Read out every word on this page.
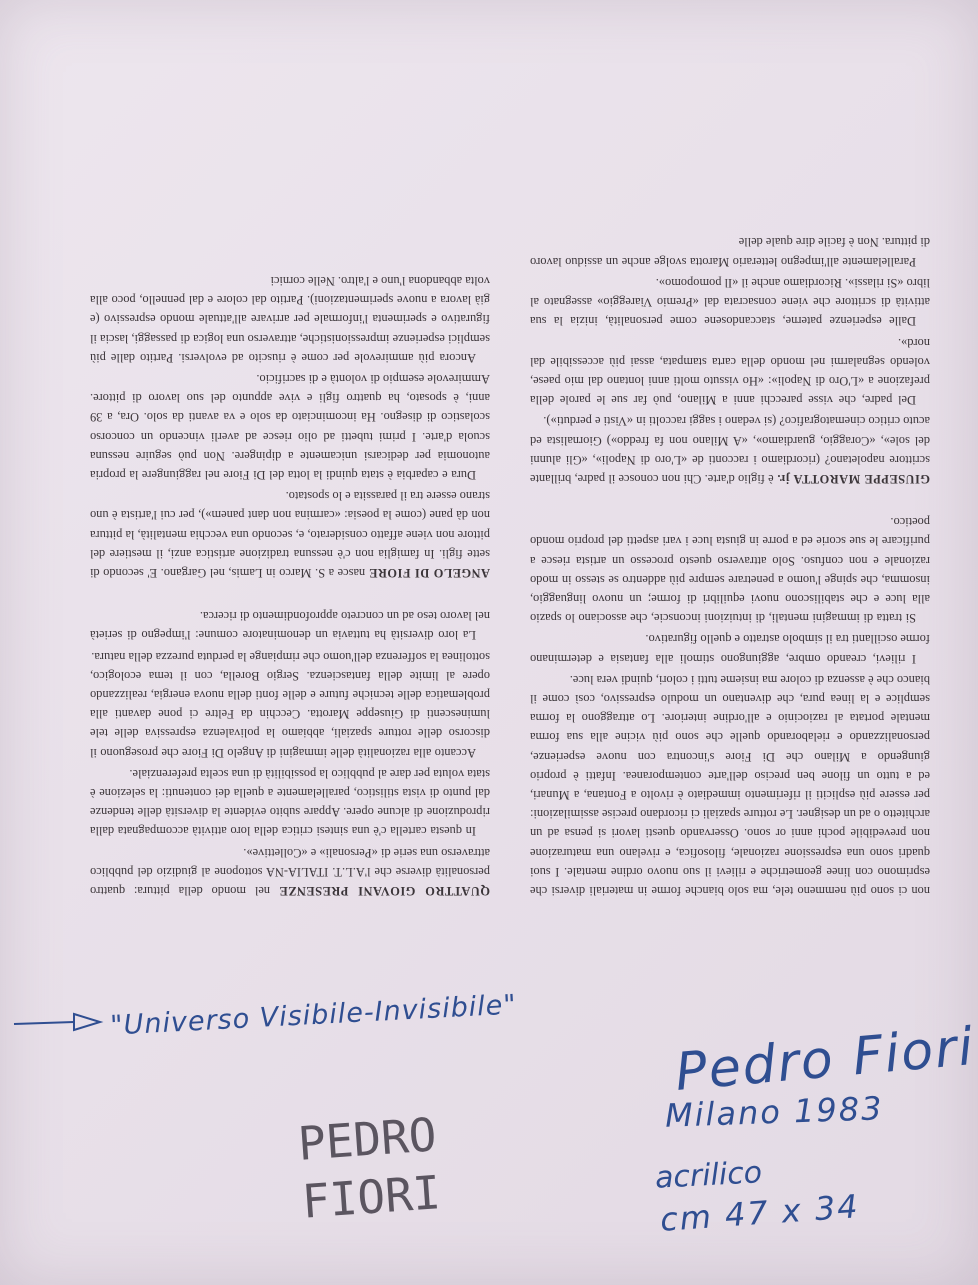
QUATTRO GIOVANI PRESENZE nel mondo della pittura: quattro personalità diverse che l'A.L.T. ITALIA-NA sottopone al giudizio del pubblico attraverso una serie di «Personali» e «Collettive».

In questa cartella c'è una sintesi critica della loro attività accompagnata dalla riproduzione di alcune opere. Appare subito evidente la diversità delle tendenze dal punto di vista stilistico, parallelamente a quella dei contenuti: la selezione è stata voluta per dare al pubblico la possibilità di una scelta preferenziale.

Accanto alla razionalità delle immagini di Angelo Di Fiore che proseguono il discorso delle rotture spaziali, abbiamo la polivalenza espressiva delle tele luminescenti di Giuseppe Marotta. Cecchin da Feltre ci pone davanti alla problematica delle tecniche future e delle fonti della nuova energia, realizzando opere al limite della fantascienza. Sergio Borella, con il tema ecologico, sottolinea la sofferenza dell'uomo che rimpiange la perduta purezza della natura.

La loro diversità ha tuttavia un denominatore comune: l'impegno di serietà nel lavoro teso ad un concreto approfondimento di ricerca.

ANGELO DI FIORE nasce a S. Marco in Lamis, nel Gargano. E' secondo di sette figli. In famiglia non c'è nessuna tradizione artistica anzi, il mestiere del pittore non viene affatto considerato, e, secondo una vecchia mentalità, la pittura non dà pane (come la poesia: «carmina non dant panem»), per cui l'artista è uno strano essere tra il parassita e lo spostato.

Dura e caparbia è stata quindi la lotta del Di Fiore nel raggiungere la propria autonomia per dedicarsi unicamente a dipingere. Non può seguire nessuna scuola d'arte. I primi tubetti ad olio riesce ad averli vincendo un concorso scolastico di disegno. Ha incominciato da solo e va avanti da solo. Ora, a 39 anni, è sposato, ha quattro figli e vive appunto del suo lavoro di pittore. Ammirevole esempio di volontà e di sacrificio.

Ancora più ammirevole per come è riuscito ad evolversi. Partito dalle più semplici esperienze impressionistiche, attraverso una logica di passaggi, lascia il figurativo e sperimenta l'informale per arrivare all'attuale mondo espressivo (e già lavora a nuove sperimentazioni). Partito dal colore e dal pennello, poco alla volta abbandona l'uno e l'altro. Nelle cornici

non ci sono più nemmeno tele, ma solo bianche forme in materiali diversi che esprimono con linee geometriche e rilievi il suo nuovo ordine mentale. I suoi quadri sono una espressione razionale, filosofica, e rivelano una maturazione non prevedibile pochi anni or sono. Osservando questi lavori si pensa ad un architetto o ad un designer. Le rotture spaziali ci ricordano precise assimilazioni: per essere più espliciti il riferimento immediato è rivolto a Fontana, a Munari, ed a tutto un filone ben preciso dell'arte contemporanea. Infatti è proprio giungendo a Milano che Di Fiore s'incontra con nuove esperienze, personalizzando e rielaborando quelle che sono più vicine alla sua forma mentale portata al raziocinio e all'ordine interiore. Lo attraggono la forma semplice e la linea pura, che diventano un modulo espressivo, così come il bianco che è assenza di colore ma insieme tutti i colori, quindi vera luce.

I rilievi, creando ombre, aggiungono stimoli alla fantasia e determinano forme oscillanti tra il simbolo astratto e quello figurativo.

Si tratta di immagini mentali, di intuizioni inconscie, che associano lo spazio alla luce e che stabiliscono nuovi equilibri di forme; un nuovo linguaggio, insomma, che spinge l'uomo a penetrare sempre più addentro se stesso in modo razionale e non confuso. Solo attraverso questo processo un artista riesce a purificare le sue scorie ed a porre in giusta luce i vari aspetti del proprio mondo poetico.

GIUSEPPE MAROTTA jr. è figlio d'arte. Chi non conosce il padre, brillante scrittore napoletano? (ricordiamo i racconti de «L'oro di Napoli», «Gli alunni del sole», «Coraggio, guardiamo», «A Milano non fa freddo») Giornalista ed acuto critico cinematografico? (si vedano i saggi raccolti in «Visti e perduti»).

Del padre, che visse parecchi anni a Milano, può far sue le parole della prefazione a «L'Oro di Napoli»: «Ho vissuto molti anni lontano dal mio paese, volendo segnalarmi nel mondo della carta stampata, assai più accessibile dal nord».

Dalle esperienze paterne, staccandosene come personalità, inizia la sua attività di scrittore che viene consacrata dal «Premio Viareggio» assegnato al libro «Si rilassi». Ricordiamo anche il «Il pomopomo».

Parallelamente all'impegno letterario Marotta svolge anche un assiduo lavoro di pittura. Non è facile dire quale delle

"Universo Visibile-Invisibile"
PEDRO
FIORI
Pedro Fiori
Milano 1983
acrilico
cm 47 x 34
